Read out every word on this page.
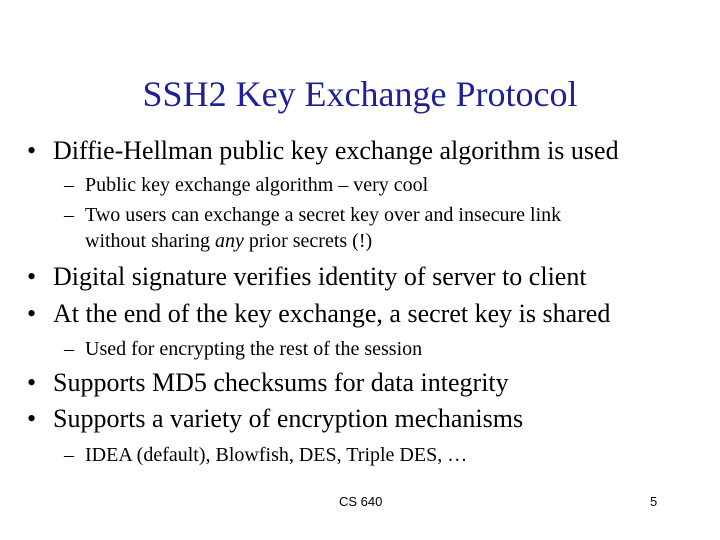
SSH2 Key Exchange Protocol
• Diffie-Hellman public key exchange algorithm is used
– Public key exchange algorithm – very cool
– Two users can exchange a secret key over and insecure link
without sharing any prior secrets (!)
• Digital signature verifies identity of server to client
• At the end of the key exchange, a secret key is shared
– Used for encrypting the rest of the session
• Supports MD5 checksums for data integrity
• Supports a variety of encryption mechanisms
– IDEA (default), Blowfish, DES, Triple DES, …
CS 640	5
